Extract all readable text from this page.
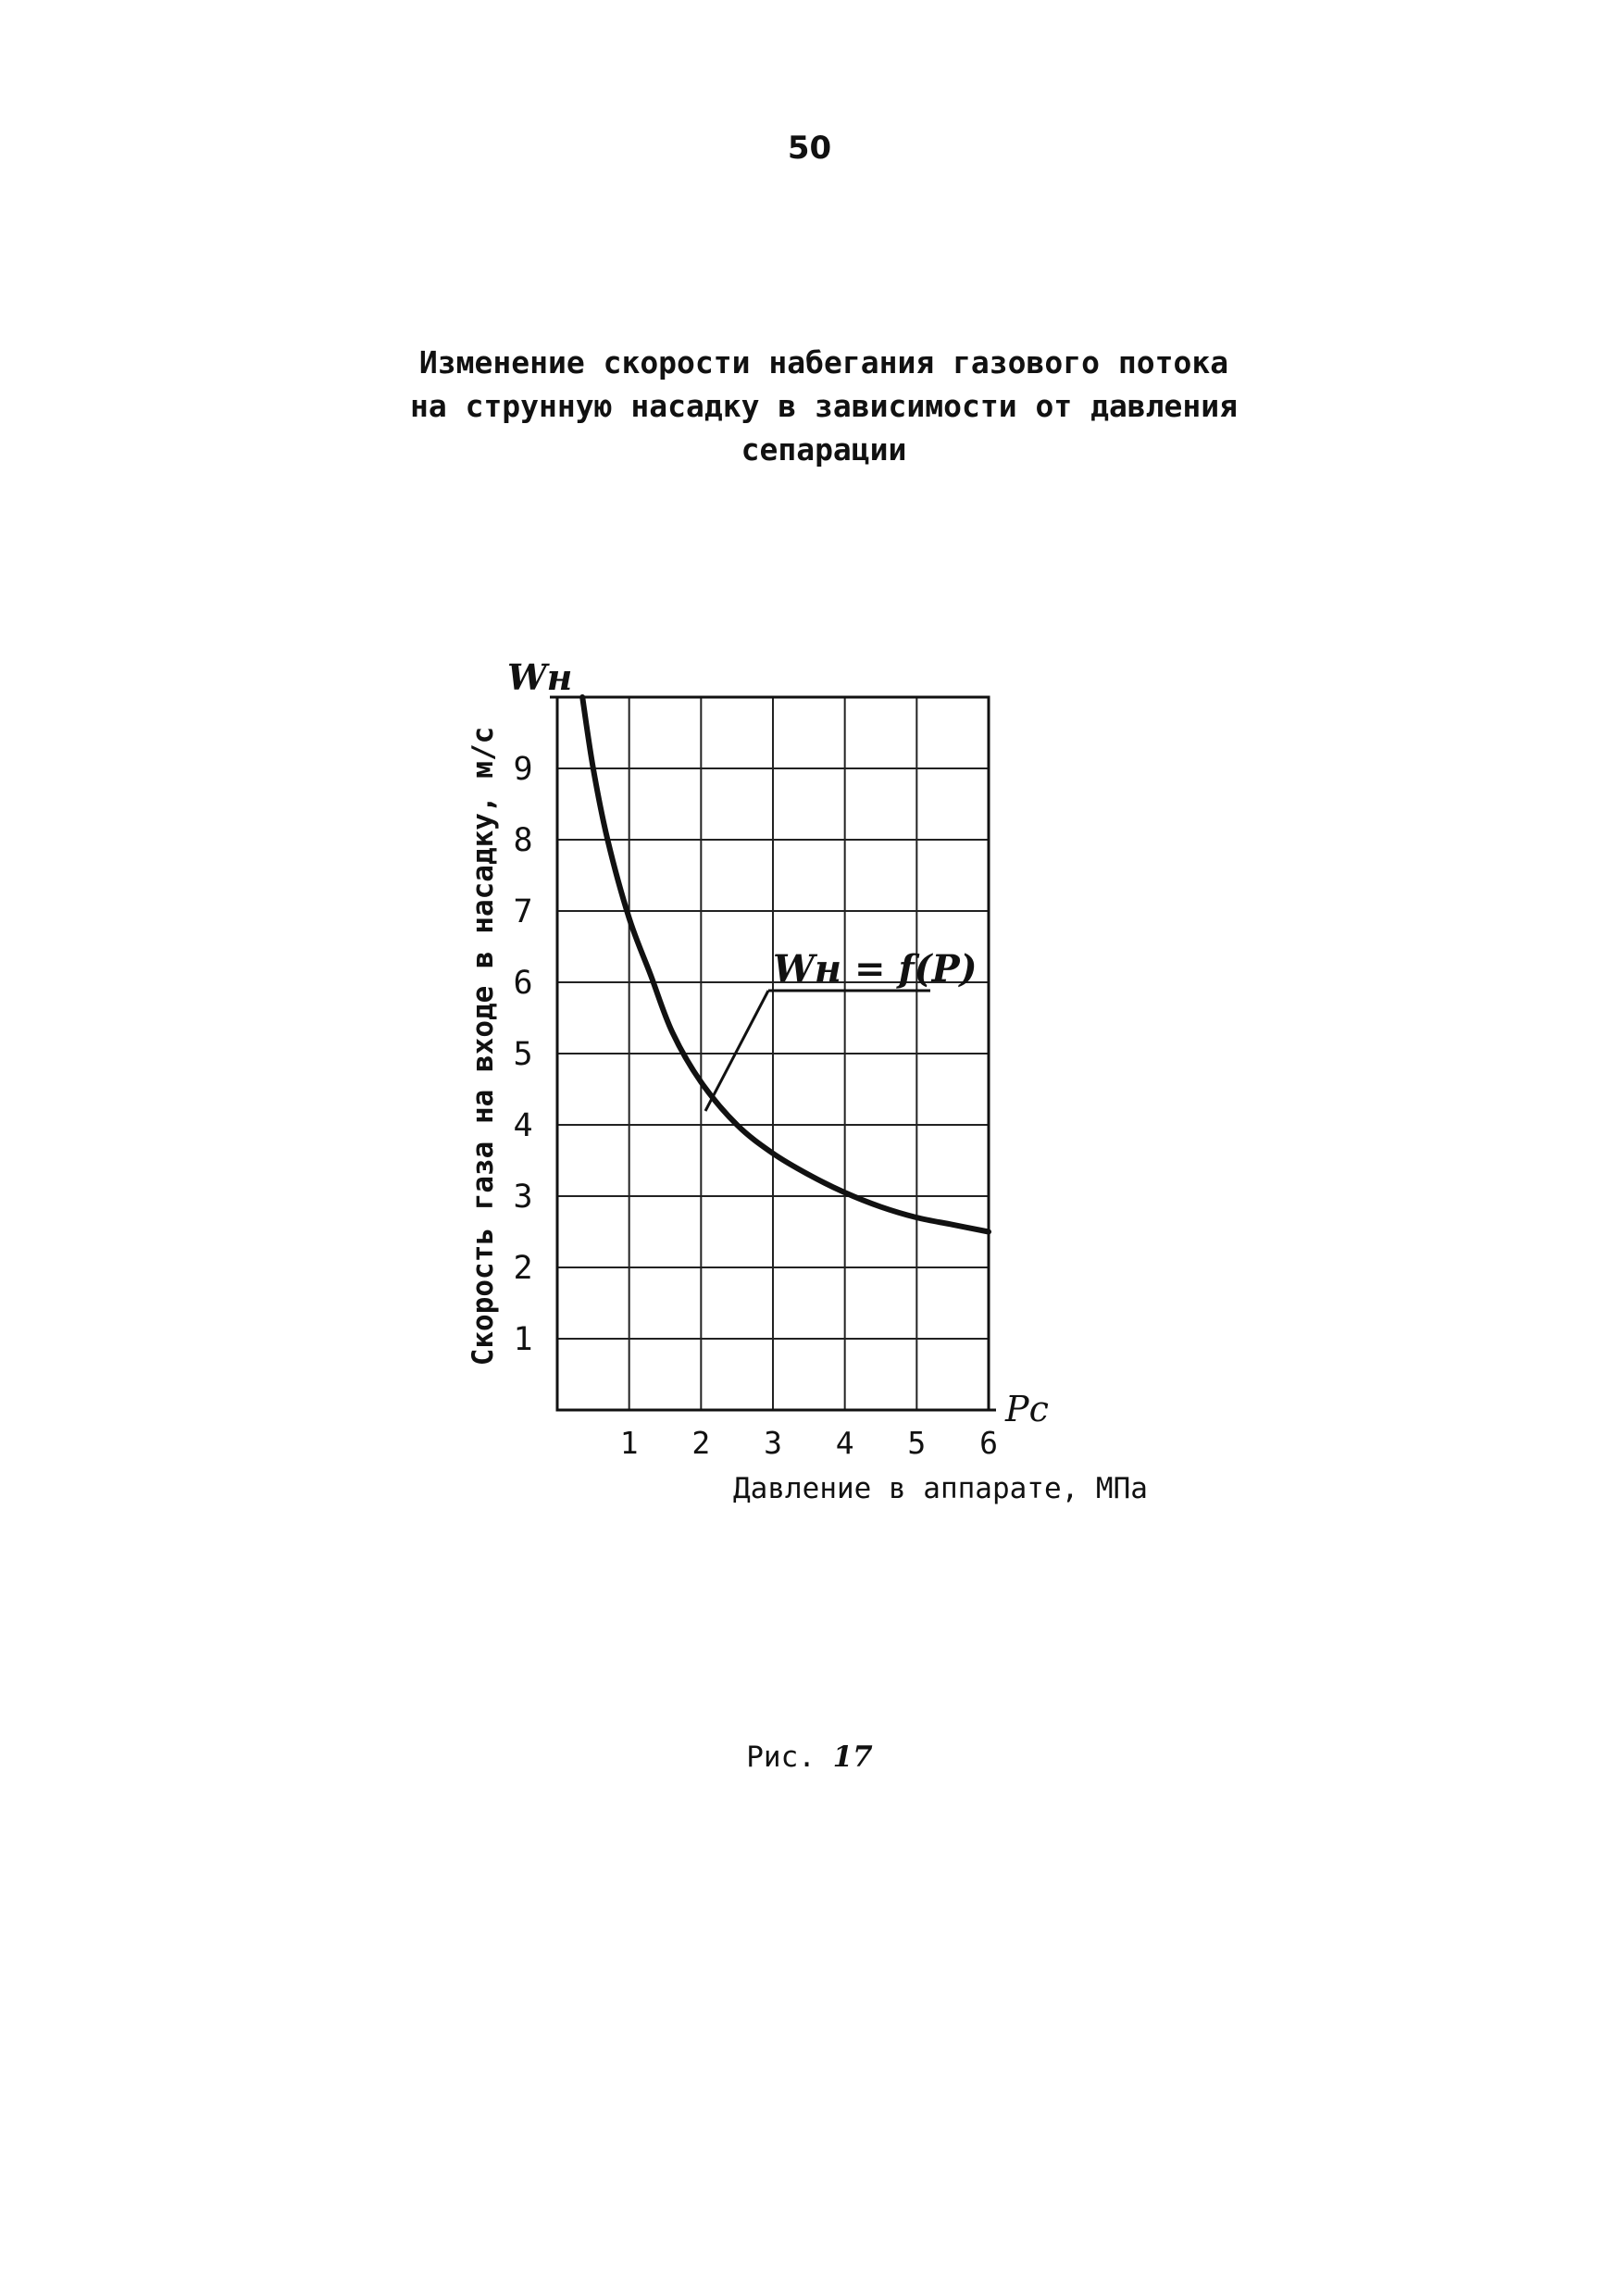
50
Изменение скорости набегания газового потока
на струнную насадку в зависимости от давления
сепарации
1 2 3 4 5 6
1
2
3
4
5
6
7
8
9
Wн = f(P)
Wн
Pc
Скорость газа на входе в насадку, м/с
Давление в аппарате, МПа
Рис. 17
